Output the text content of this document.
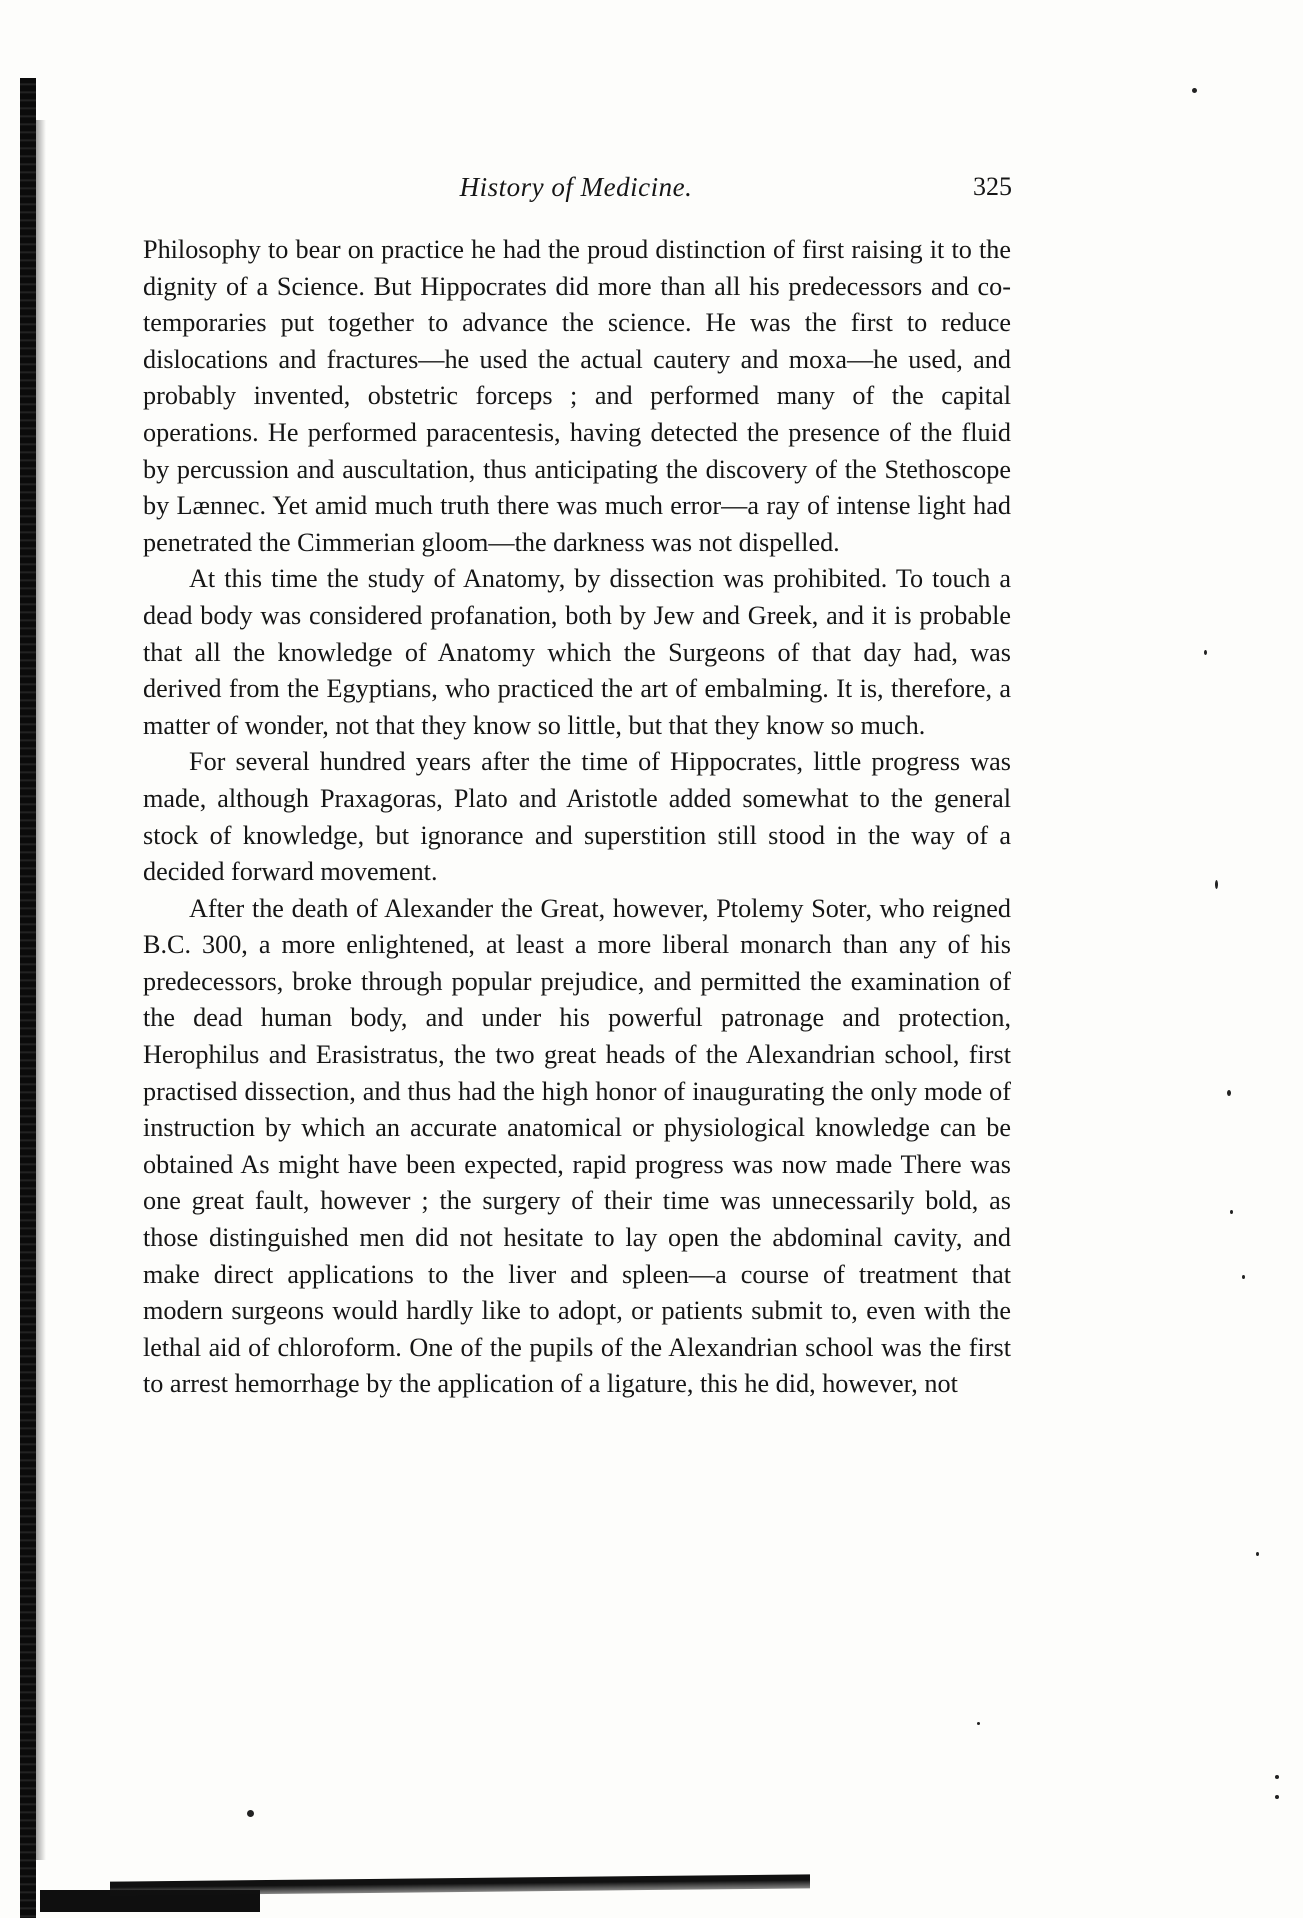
History of Medicine.	325

Philosophy to bear on practice he had the proud distinction of first raising it to the dignity of a Science. But Hippocrates did more than all his predecessors and co-temporaries put together to advance the science. He was the first to reduce dislocations and fractures—he used the actual cautery and moxa—he used, and probably invented, obstetric forceps ; and performed many of the capital operations. He performed paracentesis, having detected the presence of the fluid by percussion and auscultation, thus anticipating the discovery of the Stethoscope by Lænnec. Yet amid much truth there was much error—a ray of intense light had penetrated the Cimmerian gloom—the darkness was not dispelled.

At this time the study of Anatomy, by dissection was prohibited. To touch a dead body was considered profanation, both by Jew and Greek, and it is probable that all the knowledge of Anatomy which the Surgeons of that day had, was derived from the Egyptians, who practiced the art of embalming. It is, therefore, a matter of wonder, not that they know so little, but that they know so much.

For several hundred years after the time of Hippocrates, little progress was made, although Praxagoras, Plato and Aristotle added somewhat to the general stock of knowledge, but ignorance and superstition still stood in the way of a decided forward movement.

After the death of Alexander the Great, however, Ptolemy Soter, who reigned B.C. 300, a more enlightened, at least a more liberal monarch than any of his predecessors, broke through popular prejudice, and permitted the examination of the dead human body, and under his powerful patronage and protection, Herophilus and Erasistratus, the two great heads of the Alexandrian school, first practised dissection, and thus had the high honor of inaugurating the only mode of instruction by which an accurate anatomical or physiological knowledge can be obtained As might have been expected, rapid progress was now made There was one great fault, however ; the surgery of their time was unnecessarily bold, as those distinguished men did not hesitate to lay open the abdominal cavity, and make direct applications to the liver and spleen—a course of treatment that modern surgeons would hardly like to adopt, or patients submit to, even with the lethal aid of chloroform. One of the pupils of the Alexandrian school was the first to arrest hemorrhage by the application of a ligature, this he did, however, not
